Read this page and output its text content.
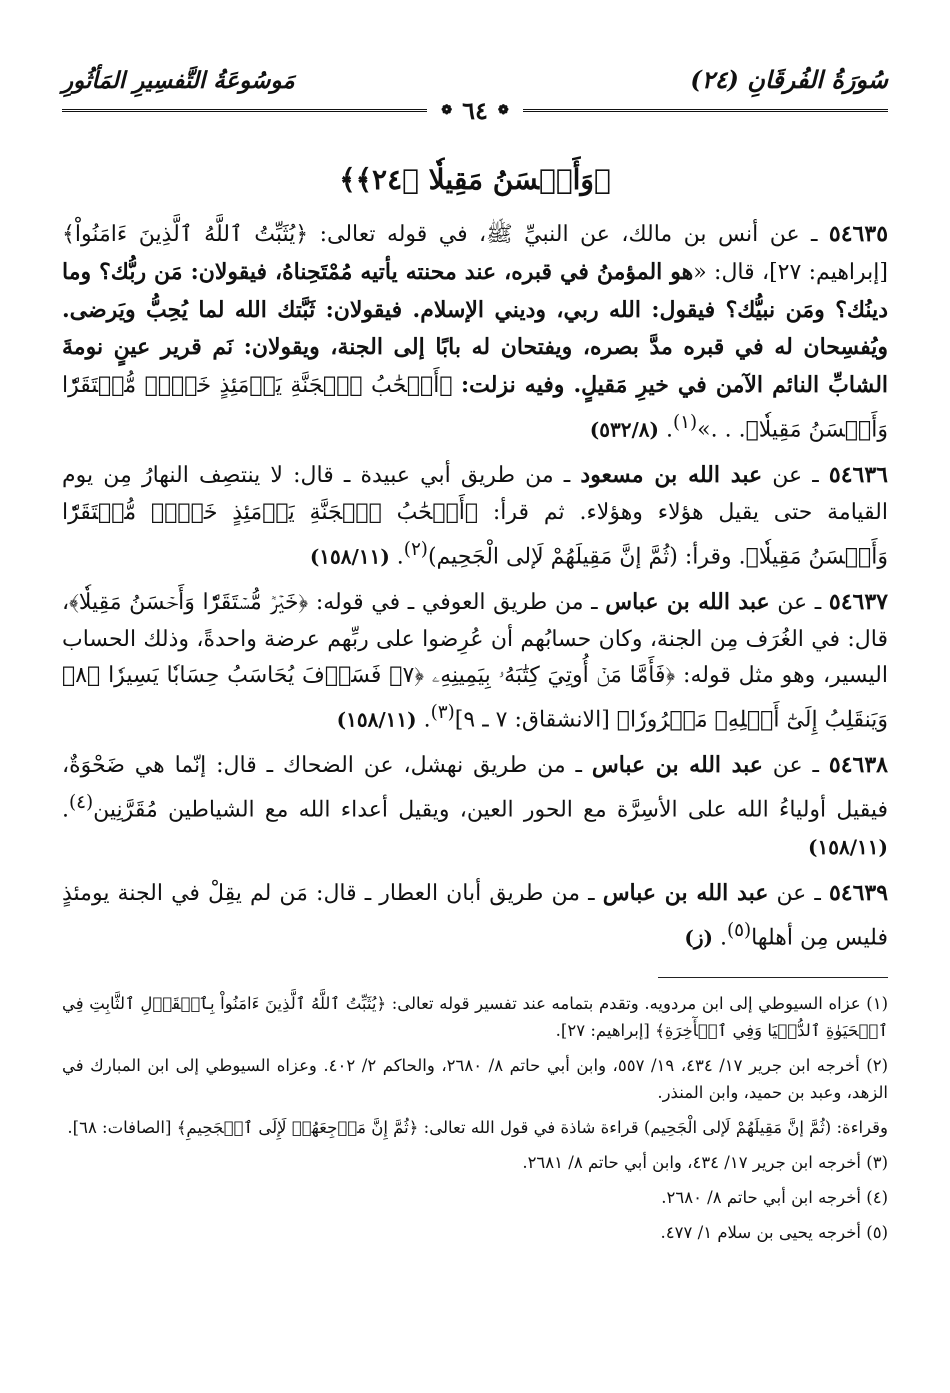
سُورَةُ الفُرقَانِ (٢٤)
مَوسُوعَةُ التَّفسِيرِ المَأثُورِ
❁ ٦٤ ❁
﴿وَأَحۡسَنُ مَقِيلٗا ﴿٢٤﴾﴾

٥٤٦٣٥ ـ عن أنس بن مالك، عن النبيِّ ﷺ، في قوله تعالى: ﴿يُثَبِّتُ ٱللَّهُ ٱلَّذِينَ ءَامَنُواْ﴾ [إبراهيم: ٢٧]، قال: «هو المؤمنُ في قبره، عند محنته يأتيه مُمْتَحِناهُ، فيقولان: مَن ربُّك؟ وما دينُك؟ ومَن نبيُّك؟ فيقول: الله ربي، وديني الإسلام. فيقولان: ثَبَّتك الله لما يُحِبُّ ويَرضى. ويُفسِحان له في قبره مدَّ بصره، ويفتحان له بابًا إلى الجنة، ويقولان: نَم قرير عينٍ نومةَ الشابِّ النائم الآمن في خيرِ مَقيلٍ. وفيه نزلت: ﴿أَصۡحَٰبُ ٱلۡجَنَّةِ يَوۡمَئِذٍ خَيۡرٞ مُّسۡتَقَرّٗا وَأَحۡسَنُ مَقِيلٗا﴾. . .»$^{(١)}$. (٥٣٢/٨)

٥٤٦٣٦ ـ عن عبد الله بن مسعود ـ من طريق أبي عبيدة ـ قال: لا ينتصِف النهارُ مِن يوم القيامة حتى يقيل هؤلاء وهؤلاء. ثم قرأ: ﴿أَصۡحَٰبُ ٱلۡجَنَّةِ يَوۡمَئِذٍ خَيۡرٞ مُّسۡتَقَرّٗا وَأَحۡسَنُ مَقِيلٗا﴾. وقرأ: (ثُمَّ إنَّ مَقِيلَهُمْ لَإلى الْجَحِيم)$^{(٢)}$. (١٥٨/١١)

٥٤٦٣٧ ـ عن عبد الله بن عباس ـ من طريق العوفي ـ في قوله: ﴿خَيۡرٞ مُّسۡتَقَرّٗا وَأَحۡسَنُ مَقِيلٗا﴾، قال: في الغُرَف مِن الجنة، وكان حسابُهم أن عُرِضوا على ربِّهم عرضة واحدةً، وذلك الحساب اليسير، وهو مثل قوله: ﴿فَأَمَّا مَنۡ أُوتِيَ كِتَٰبَهُۥ بِيَمِينِهِۦ ﴿٧﴾ فَسَوۡفَ يُحَاسَبُ حِسَابٗا يَسِيرٗا ﴿٨﴾ وَيَنقَلِبُ إِلَىٰٓ أَهۡلِهِۦ مَسۡرُورٗا﴾ [الانشقاق: ٧ ـ ٩]$^{(٣)}$. (١٥٨/١١)

٥٤٦٣٨ ـ عن عبد الله بن عباس ـ من طريق نهشل، عن الضحاك ـ قال: إنّما هي ضَحْوَةٌ، فيقيل أولياءُ الله على الأسِرَّة مع الحور العين، ويقيل أعداء الله مع الشياطين مُقَرَّنِين$^{(٤)}$. (١٥٨/١١)

٥٤٦٣٩ ـ عن عبد الله بن عباس ـ من طريق أبان العطار ـ قال: مَن لم يقِلْ في الجنة يومئذٍ فليس مِن أهلها$^{(٥)}$. (ز)

(١) عزاه السيوطي إلى ابن مردويه. وتقدم بتمامه عند تفسير قوله تعالى: ﴿يُثَبِّتُ ٱللَّهُ ٱلَّذِينَ ءَامَنُواْ بِٱلۡقَوۡلِ ٱلثَّابِتِ فِي ٱلۡحَيَوٰةِ ٱلدُّنۡيَا وَفِي ٱلۡأٓخِرَةِ﴾ [إبراهيم: ٢٧].

(٢) أخرجه ابن جرير ١٧/ ٤٣٤، ١٩/ ٥٥٧، وابن أبي حاتم ٨/ ٢٦٨٠، والحاكم ٢/ ٤٠٢. وعزاه السيوطي إلى ابن المبارك في الزهد، وعبد بن حميد، وابن المنذر.

وقراءة: (ثُمَّ إنَّ مَقِيلَهُمْ لَإلى الْجَحِيم) قراءة شاذة في قول الله تعالى: ﴿ثُمَّ إِنَّ مَرۡجِعَهُمۡ لَإِلَى ٱلۡجَحِيمِ﴾ [الصافات: ٦٨].

(٣) أخرجه ابن جرير ١٧/ ٤٣٤، وابن أبي حاتم ٨/ ٢٦٨١.

(٤) أخرجه ابن أبي حاتم ٨/ ٢٦٨٠.

(٥) أخرجه يحيى بن سلام ١/ ٤٧٧.
